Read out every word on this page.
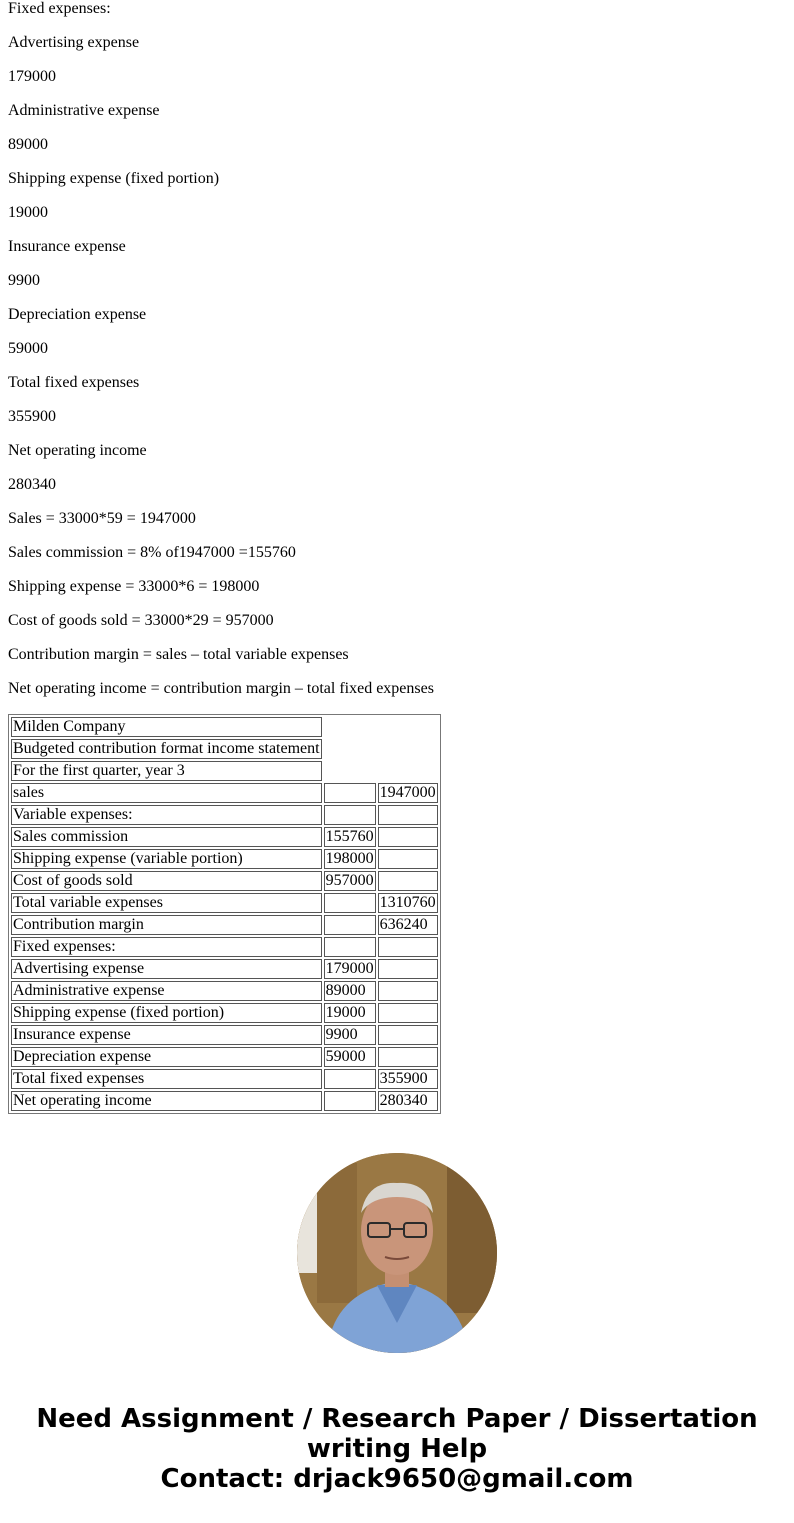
Fixed expenses:

Advertising expense

179000

Administrative expense

89000

Shipping expense (fixed portion)

19000

Insurance expense

9900

Depreciation expense

59000

Total fixed expenses

355900

Net operating income

280340

Sales = 33000*59 = 1947000

Sales commission = 8% of1947000 =155760

Shipping expense = 33000*6 = 198000

Cost of goods sold = 33000*29 = 957000

Contribution margin = sales – total variable expenses

Net operating income = contribution margin – total fixed expenses

Milden Company		
Budgeted contribution format income statement		
For the first quarter, year 3		
sales		1947000
Variable expenses:		
Sales commission	155760	
Shipping expense (variable portion)	198000	
Cost of goods sold	957000	
Total variable expenses		1310760
Contribution margin		636240
Fixed expenses:		
Advertising expense	179000	
Administrative expense	89000	
Shipping expense (fixed portion)	19000	
Insurance expense	9900	
Depreciation expense	59000	
Total fixed expenses		355900
Net operating income		280340
Need Assignment / Research Paper / Dissertation
writing Help
Contact: drjack9650@gmail.com
